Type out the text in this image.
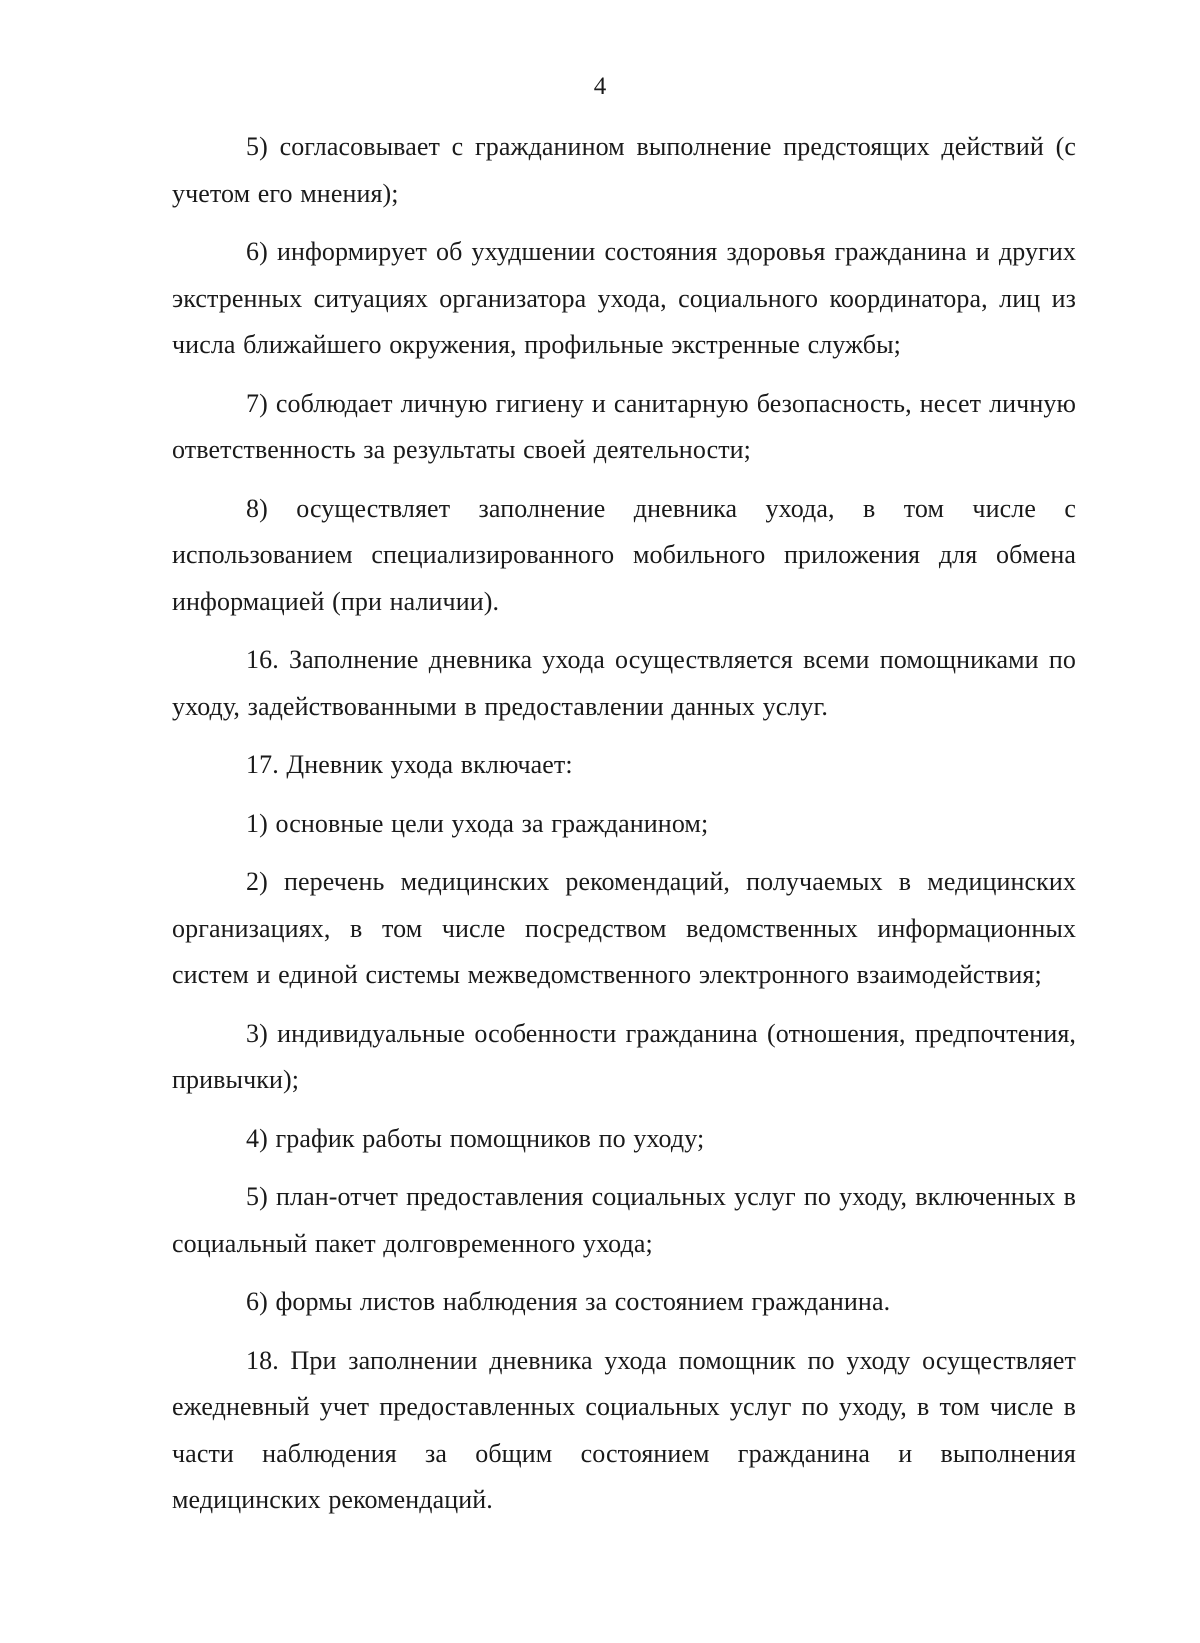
4

5) согласовывает с гражданином выполнение предстоящих действий (с учетом его мнения);

6) информирует об ухудшении состояния здоровья гражданина и других экстренных ситуациях организатора ухода, социального координатора, лиц из числа ближайшего окружения, профильные экстренные службы;

7) соблюдает личную гигиену и санитарную безопасность, несет личную ответственность за результаты своей деятельности;

8) осуществляет заполнение дневника ухода, в том числе с использованием специализированного мобильного приложения для обмена информацией (при наличии).

16. Заполнение дневника ухода осуществляется всеми помощниками по уходу, задействованными в предоставлении данных услуг.

17. Дневник ухода включает:

1) основные цели ухода за гражданином;

2) перечень медицинских рекомендаций, получаемых в медицинских организациях, в том числе посредством ведомственных информационных систем и единой системы межведомственного электронного взаимодействия;

3) индивидуальные особенности гражданина (отношения, предпочтения, привычки);

4) график работы помощников по уходу;

5) план-отчет предоставления социальных услуг по уходу, включенных в социальный пакет долговременного ухода;

6) формы листов наблюдения за состоянием гражданина.

18. При заполнении дневника ухода помощник по уходу осуществляет ежедневный учет предоставленных социальных услуг по уходу, в том числе в части наблюдения за общим состоянием гражданина и выполнения медицинских рекомендаций.
